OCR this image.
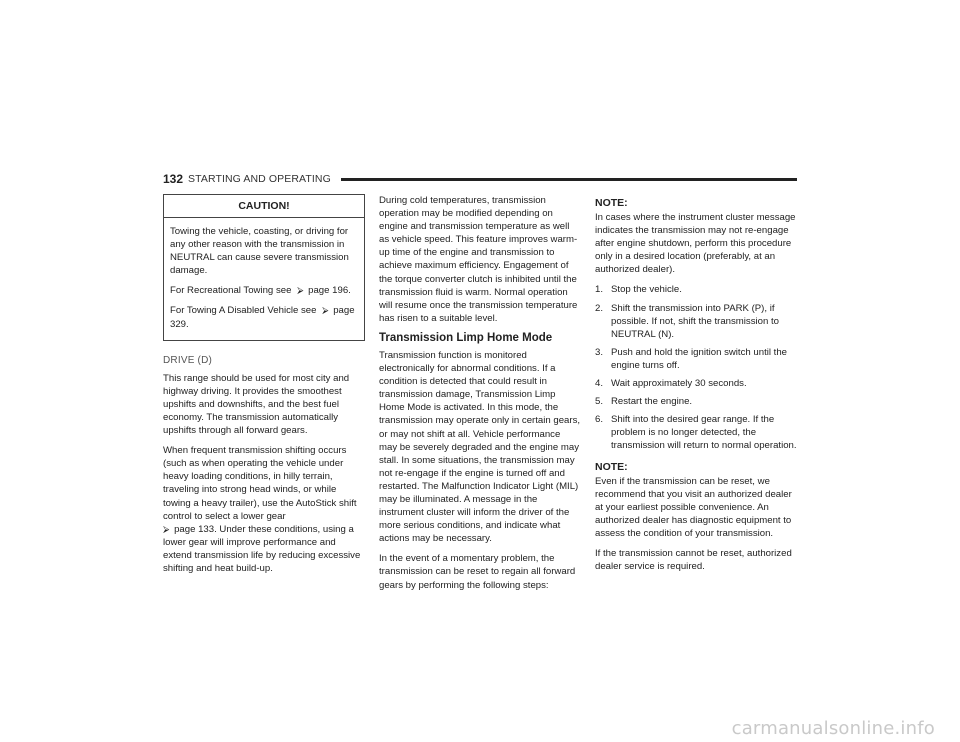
132 STARTING AND OPERATING
CAUTION!

Towing the vehicle, coasting, or driving for any other reason with the transmission in NEUTRAL can cause severe transmission damage.

For Recreational Towing see ⮚ page 196.

For Towing A Disabled Vehicle see ⮚ page 329.

DRIVE (D)

This range should be used for most city and highway driving. It provides the smoothest upshifts and downshifts, and the best fuel economy. The transmission automatically upshifts through all forward gears.

When frequent transmission shifting occurs (such as when operating the vehicle under heavy loading conditions, in hilly terrain, traveling into strong head winds, or while towing a heavy trailer), use the AutoStick shift control to select a lower gear
⮚ page 133. Under these conditions, using a lower gear will improve performance and extend transmission life by reducing excessive shifting and heat build-up.

During cold temperatures, transmission operation may be modified depending on engine and transmission temperature as well as vehicle speed. This feature improves warm-up time of the engine and transmission to achieve maximum efficiency. Engagement of the torque converter clutch is inhibited until the transmission fluid is warm. Normal operation will resume once the transmission temperature has risen to a suitable level.

Transmission Limp Home Mode

Transmission function is monitored electronically for abnormal conditions. If a condition is detected that could result in transmission damage, Transmission Limp Home Mode is activated. In this mode, the transmission may operate only in certain gears, or may not shift at all. Vehicle performance may be severely degraded and the engine may stall. In some situations, the transmission may not re-engage if the engine is turned off and restarted. The Malfunction Indicator Light (MIL) may be illuminated. A message in the instrument cluster will inform the driver of the more serious conditions, and indicate what actions may be necessary.

In the event of a momentary problem, the transmission can be reset to regain all forward gears by performing the following steps:

NOTE:

In cases where the instrument cluster message indicates the transmission may not re-engage after engine shutdown, perform this procedure only in a desired location (preferably, at an authorized dealer).

1. Stop the vehicle.
2. Shift the transmission into PARK (P), if possible. If not, shift the transmission to NEUTRAL (N).
3. Push and hold the ignition switch until the engine turns off.
4. Wait approximately 30 seconds.
5. Restart the engine.
6. Shift into the desired gear range. If the problem is no longer detected, the transmission will return to normal operation.
NOTE:

Even if the transmission can be reset, we recommend that you visit an authorized dealer at your earliest possible convenience. An authorized dealer has diagnostic equipment to assess the condition of your transmission.

If the transmission cannot be reset, authorized dealer service is required.

carmanualsonline.info
